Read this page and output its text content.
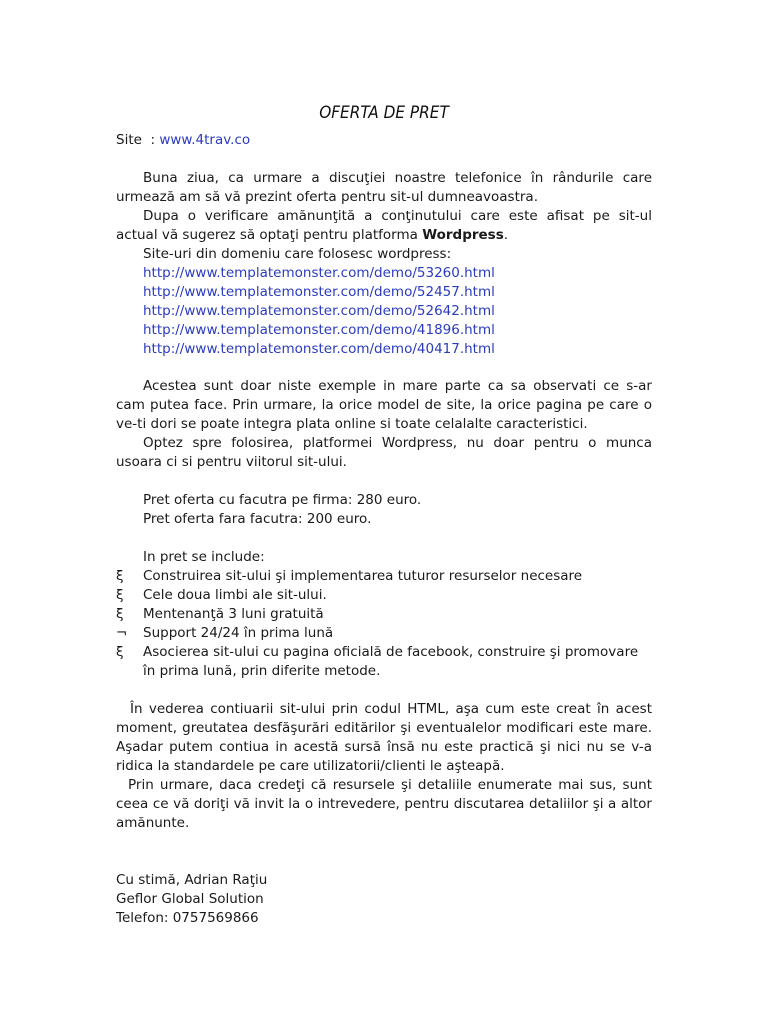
OFERTA DE PRET
Site  : www.4trav.co
Buna ziua, ca urmare a discuţiei noastre telefonice în rândurile care
urmează am să vă prezint oferta pentru sit-ul dumneavoastra.
Dupa o verificare amănunţită a conţinutului care este afisat pe sit-ul
actual vă sugerez să optaţi pentru platforma Wordpress.
Site-uri din domeniu care folosesc wordpress:
http://www.templatemonster.com/demo/53260.html
http://www.templatemonster.com/demo/52457.html
http://www.templatemonster.com/demo/52642.html
http://www.templatemonster.com/demo/41896.html
http://www.templatemonster.com/demo/40417.html
Acestea sunt doar niste exemple in mare parte ca sa observati ce s-ar
cam putea face. Prin urmare, la orice model de site, la orice pagina pe care o
ve-ti dori se poate integra plata online si toate celalalte caracteristici.
Optez spre folosirea, platformei Wordpress, nu doar pentru o munca
usoara ci si pentru viitorul sit-ului.
Pret oferta cu facutra pe firma: 280 euro.
Pret oferta fara facutra: 200 euro.
In pret se include:
ξ	Construirea sit-ului şi implementarea tuturor resurselor necesare
ξ	Cele doua limbi ale sit-ului.
ξ	Mentenanţă 3 luni gratuită
¬	Support 24/24 în prima lună
ξ	Asocierea sit-ului cu pagina oficială de facebook, construire şi promovare
în prima lună, prin diferite metode.
În vederea contiuarii sit-ului prin codul HTML, aşa cum este creat în acest
moment, greutatea desfăşurări editărilor şi eventualelor modificari este mare.
Aşadar putem contiua in acestă sursă însă nu este practică şi nici nu se v-a
ridica la standardele pe care utilizatorii/clienti le aşteapă.
Prin urmare, daca credeţi că resursele şi detaliile enumerate mai sus, sunt
ceea ce vă doriţi vă invit la o intrevedere, pentru discutarea detaliilor şi a altor
amănunte.
Cu stimă, Adrian Raţiu
Geflor Global Solution
Telefon: 0757569866
